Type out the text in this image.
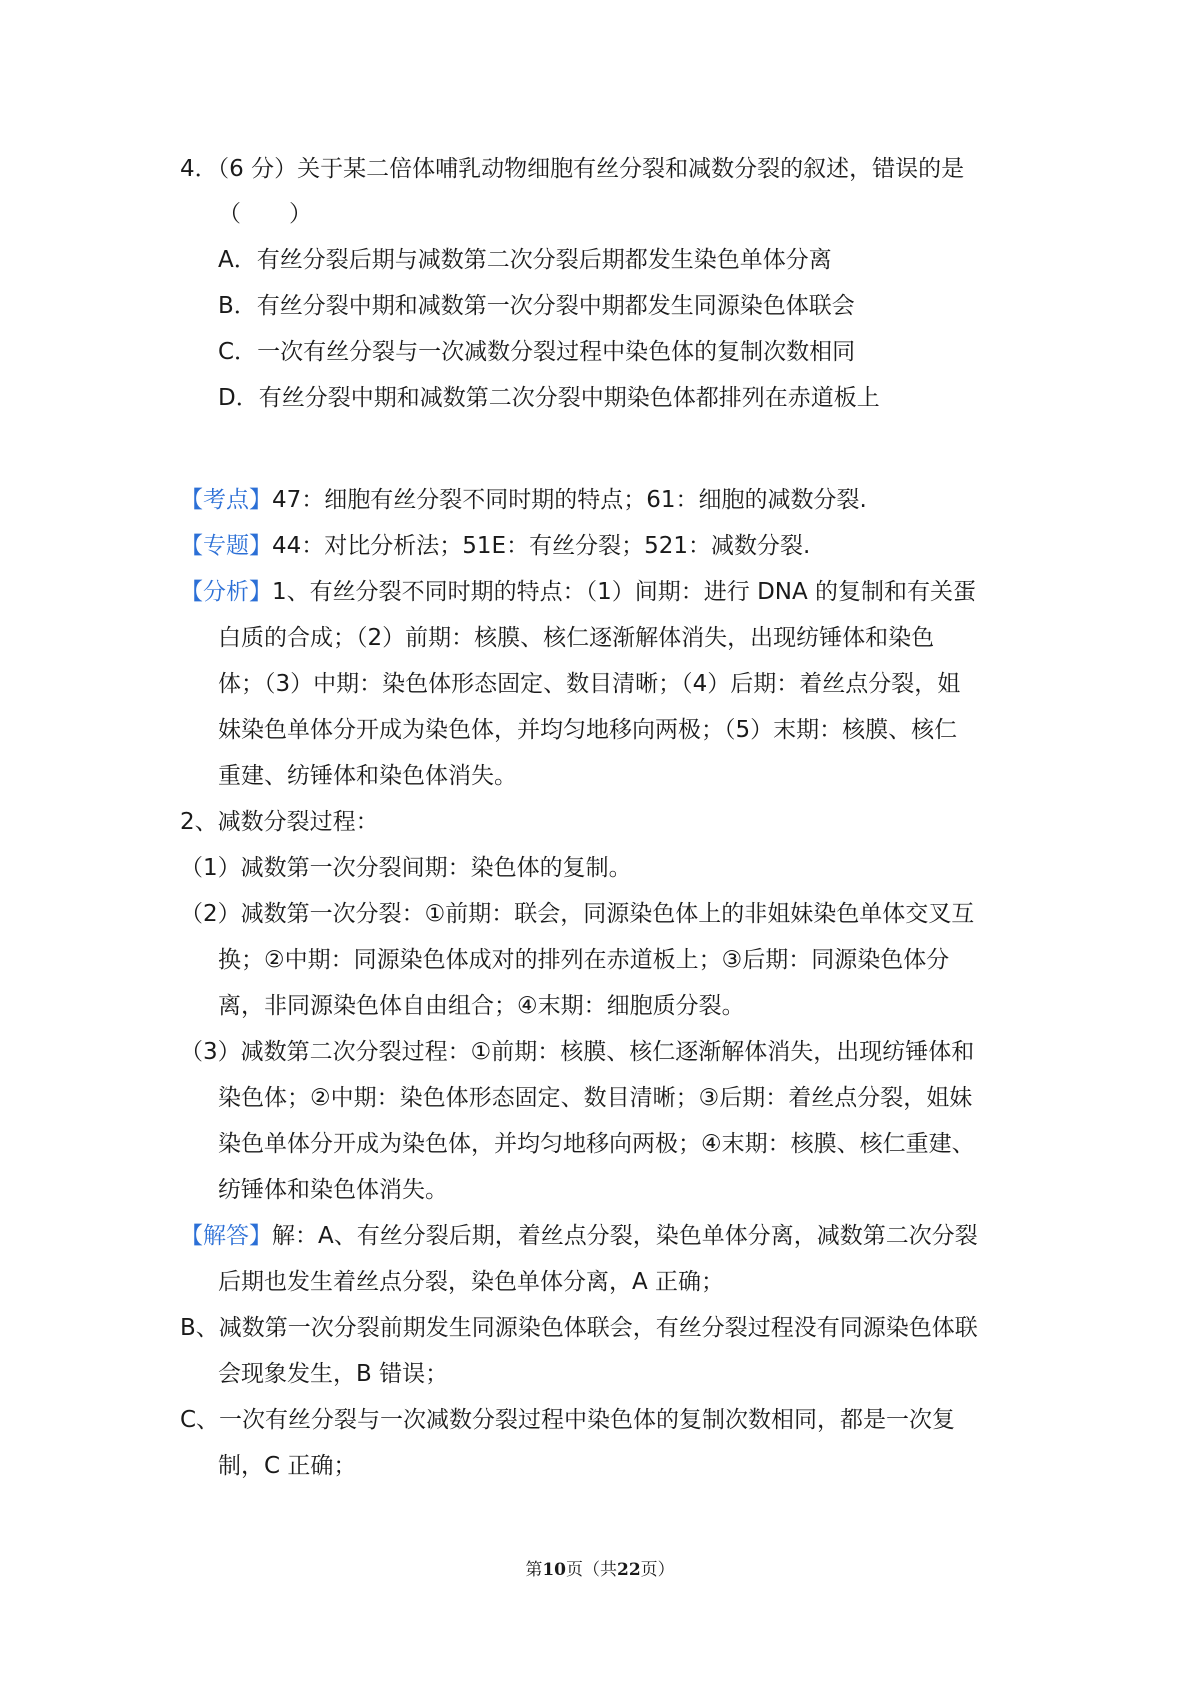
4．（6 分）关于某二倍体哺乳动物细胞有丝分裂和减数分裂的叙述，错误的是
（ ）
A．有丝分裂后期与减数第二次分裂后期都发生染色单体分离
B．有丝分裂中期和减数第一次分裂中期都发生同源染色体联会
C．一次有丝分裂与一次减数分裂过程中染色体的复制次数相同
D．有丝分裂中期和减数第二次分裂中期染色体都排列在赤道板上
【考点】47：细胞有丝分裂不同时期的特点；61：细胞的减数分裂.
【专题】44：对比分析法；51E：有丝分裂；521：减数分裂.
【分析】1、有丝分裂不同时期的特点：（1）间期：进行 DNA 的复制和有关蛋
白质的合成；（2）前期：核膜、核仁逐渐解体消失，出现纺锤体和染色
体；（3）中期：染色体形态固定、数目清晰；（4）后期：着丝点分裂，姐
妹染色单体分开成为染色体，并均匀地移向两极；（5）末期：核膜、核仁
重建、纺锤体和染色体消失。
2、减数分裂过程：
（1）减数第一次分裂间期：染色体的复制。
（2）减数第一次分裂：①前期：联会，同源染色体上的非姐妹染色单体交叉互
换；②中期：同源染色体成对的排列在赤道板上；③后期：同源染色体分
离，非同源染色体自由组合；④末期：细胞质分裂。
（3）减数第二次分裂过程：①前期：核膜、核仁逐渐解体消失，出现纺锤体和
染色体；②中期：染色体形态固定、数目清晰；③后期：着丝点分裂，姐妹
染色单体分开成为染色体，并均匀地移向两极；④末期：核膜、核仁重建、
纺锤体和染色体消失。
【解答】解：A、有丝分裂后期，着丝点分裂，染色单体分离，减数第二次分裂
后期也发生着丝点分裂，染色单体分离，A 正确；
B、减数第一次分裂前期发生同源染色体联会，有丝分裂过程没有同源染色体联
会现象发生，B 错误；
C、一次有丝分裂与一次减数分裂过程中染色体的复制次数相同，都是一次复
制，C 正确；
第10页（共22页）
